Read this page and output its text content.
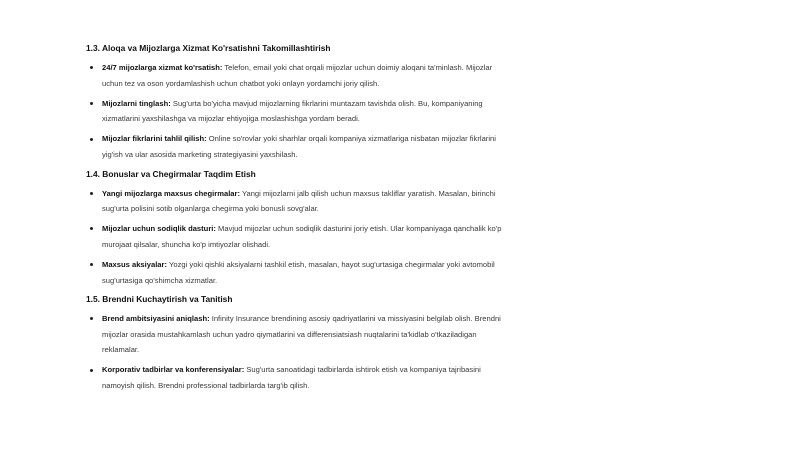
1.3. Aloqa va Mijozlarga Xizmat Ko'rsatishni Takomillashtirish
24/7 mijozlarga xizmat ko'rsatish: Telefon, email yoki chat orqali mijozlar uchun doimiy aloqani ta'minlash. Mijozlar uchun tez va oson yordamlashish uchun chatbot yoki onlayn yordamchi joriy qilish.
Mijozlarni tinglash: Sug'urta bo'yicha mavjud mijozlarning fikrlarini muntazam tavishda olish. Bu, kompaniyaning xizmatlarini yaxshilashga va mijozlar ehtiyojiga moslashishga yordam beradi.
Mijozlar fikrlarini tahlil qilish: Online so'rovlar yoki sharhlar orqali kompaniya xizmatlariga nisbatan mijozlar fikrlarini yig'ish va ular asosida marketing strategiyasini yaxshilash.
1.4. Bonuslar va Chegirmalar Taqdim Etish
Yangi mijozlarga maxsus chegirmalar: Yangi mijozlarni jalb qilish uchun maxsus takliflar yaratish. Masalan, birinchi sug'urta polisini sotib olganlarga chegirma yoki bonusli sovg'alar.
Mijozlar uchun sodiqlik dasturi: Mavjud mijozlar uchun sodiqlik dasturini joriy etish. Ular kompaniyaga qanchalik ko'p murojaat qilsalar, shuncha ko'p imtiyozlar olishadi.
Maxsus aksiyalar: Yozgi yoki qishki aksiyalarni tashkil etish, masalan, hayot sug'urtasiga chegirmalar yoki avtomobil sug'urtasiga qo'shimcha xizmatlar.
1.5. Brendni Kuchaytirish va Tanitish
Brend ambitsiyasini aniqlash: Infinity Insurance brendining asosiy qadriyatlarini va missiyasini belgilab olish. Brendni mijozlar orasida mustahkamlash uchun yadro qiymatlarini va differensiatsiash nuqtalarini ta'kidlab o'tkaziladigan reklamalar.
Korporativ tadbirlar va konferensiyalar: Sug'urta sanoatidagi tadbirlarda ishtirok etish va kompaniya tajribasini namoyish qilish. Brendni professional tadbirlarda targ'ib qilish.
